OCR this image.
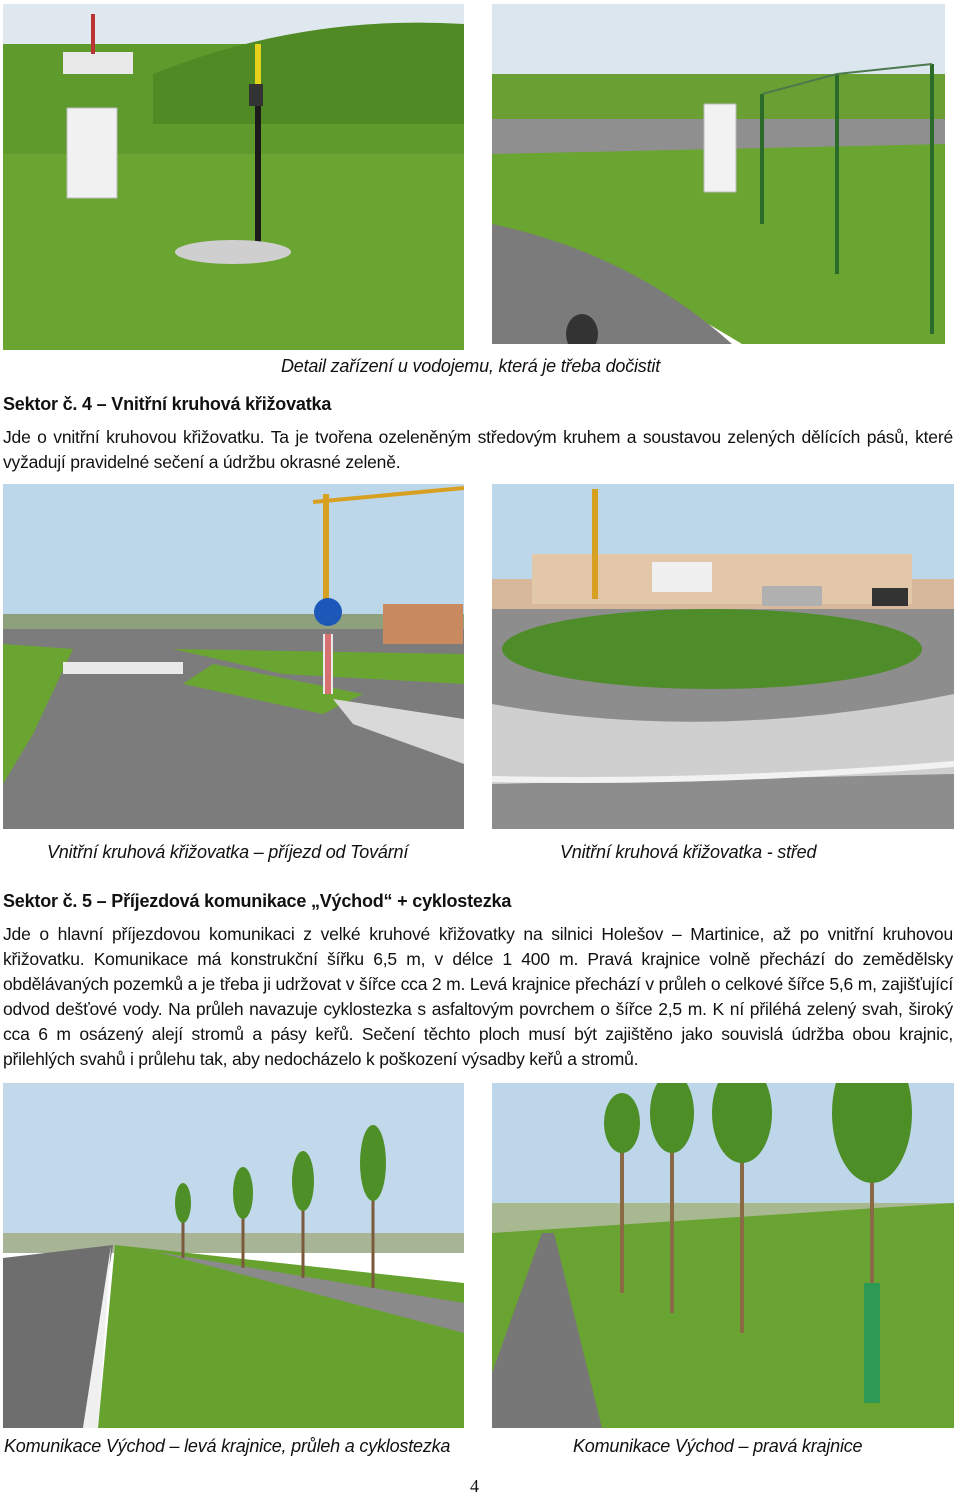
Detail zařízení u vodojemu, která je třeba dočistit
Sektor č. 4 – Vnitřní kruhová křižovatka
Jde o vnitřní kruhovou křižovatku. Ta je tvořena ozeleněným středovým kruhem a soustavou zelených dělících pásů, které vyžadují pravidelné sečení a údržbu okrasné zeleně.
Vnitřní kruhová křižovatka – příjezd od Tovární	Vnitřní kruhová křižovatka - střed
Sektor č. 5 – Příjezdová komunikace „Východ“ + cyklostezka
Jde o hlavní příjezdovou komunikaci z velké kruhové křižovatky na silnici Holešov – Martinice, až po vnitřní kruhovou křižovatku. Komunikace má konstrukční šířku 6,5 m, v délce 1 400 m. Pravá krajnice volně přechází do zemědělsky obdělávaných pozemků a je třeba ji udržovat v šířce cca 2 m. Levá krajnice přechází v průleh o celkové šířce 5,6 m, zajišťující odvod dešťové vody. Na průleh navazuje cyklostezka s asfaltovým povrchem o šířce 2,5 m. K ní přiléhá zelený svah, široký cca 6 m osázený alejí stromů a pásy keřů. Sečení těchto ploch musí být zajištěno jako souvislá údržba obou krajnic, přilehlých svahů i průlehu tak, aby nedocházelo k poškození výsadby keřů a stromů.
Komunikace Východ – levá krajnice, průleh a cyklostezka	Komunikace Východ – pravá krajnice
4
